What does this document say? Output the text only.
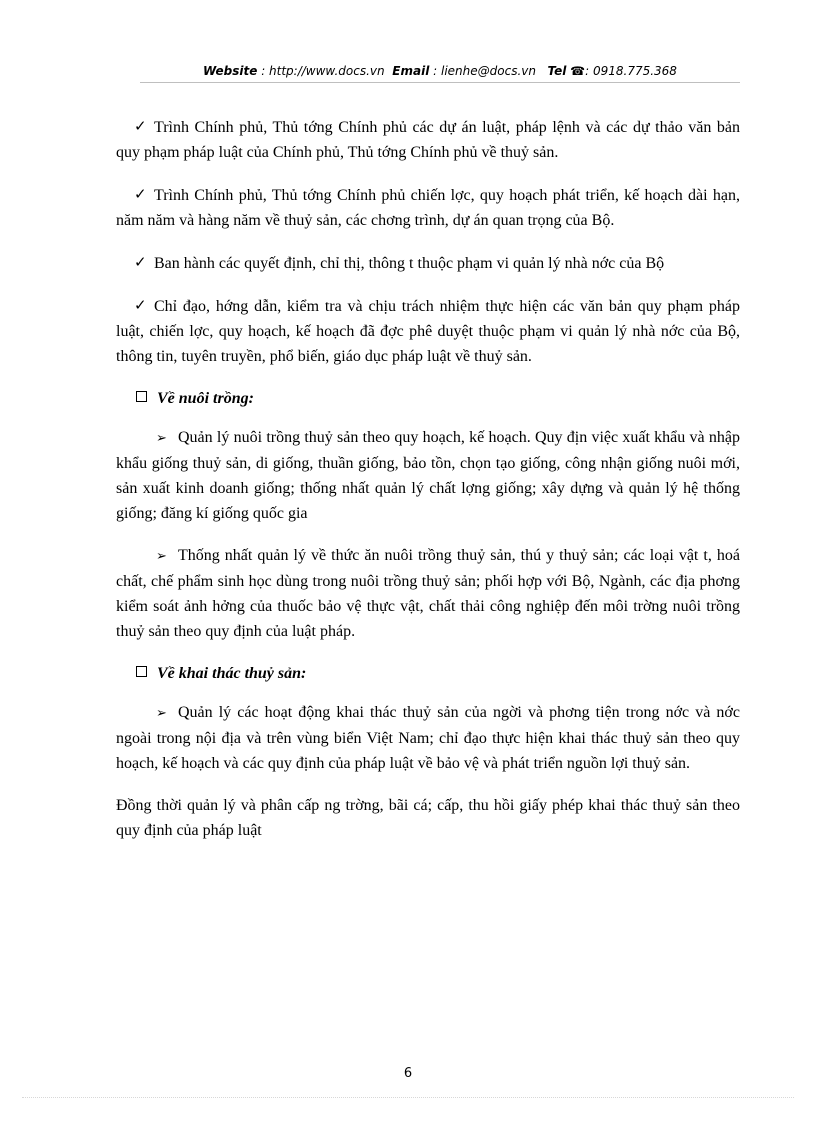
Website : http://www.docs.vn Email : lienhe@docs.vn Tel ☎: 0918.775.368

✓ Trình Chính phủ, Thủ tớng Chính phủ các dự án luật, pháp lệnh và các dự thảo văn bản quy phạm pháp luật của Chính phủ, Thủ tớng Chính phủ về thuỷ sản.

✓ Trình Chính phủ, Thủ tớng Chính phủ chiến lợc, quy hoạch phát triển, kế hoạch dài hạn, năm năm và hàng năm về thuỷ sản, các chơng trình, dự án quan trọng của Bộ.

✓ Ban hành các quyết định, chỉ thị, thông t thuộc phạm vi quản lý nhà nớc của Bộ

✓ Chỉ đạo, hớng dẫn, kiểm tra và chịu trách nhiệm thực hiện các văn bản quy phạm pháp luật, chiến lợc, quy hoạch, kế hoạch đã đợc phê duyệt thuộc phạm vi quản lý nhà nớc của Bộ, thông tin, tuyên truyền, phổ biến, giáo dục pháp luật về thuỷ sản.

Về nuôi trồng:

➢ Quản lý nuôi trồng thuỷ sản theo quy hoạch, kế hoạch. Quy địn việc xuất khẩu và nhập khẩu giống thuỷ sản, di giống, thuần giống, bảo tồn, chọn tạo giống, công nhận giống nuôi mới, sản xuất kinh doanh giống; thống nhất quản lý chất lợng giống; xây dựng và quản lý hệ thống giống; đăng kí giống quốc gia

➢ Thống nhất quản lý về thức ăn nuôi trồng thuỷ sản, thú y thuỷ sản; các loại vật t, hoá chất, chế phẩm sinh học dùng trong nuôi trồng thuỷ sản; phối hợp với Bộ, Ngành, các địa phơng kiểm soát ảnh hởng của thuốc bảo vệ thực vật, chất thải công nghiệp đến môi trờng nuôi trồng thuỷ sản theo quy định của luật pháp.

Về khai thác thuỷ sản:

➢ Quản lý các hoạt động khai thác thuỷ sản của ngời và phơng tiện trong nớc và nớc ngoài trong nội địa và trên vùng biển Việt Nam; chỉ đạo thực hiện khai thác thuỷ sản theo quy hoạch, kế hoạch và các quy định của pháp luật về bảo vệ và phát triển nguồn lợi thuỷ sản.

Đồng thời quản lý và phân cấp ng trờng, bãi cá; cấp, thu hồi giấy phép khai thác thuỷ sản theo quy định của pháp luật

6
